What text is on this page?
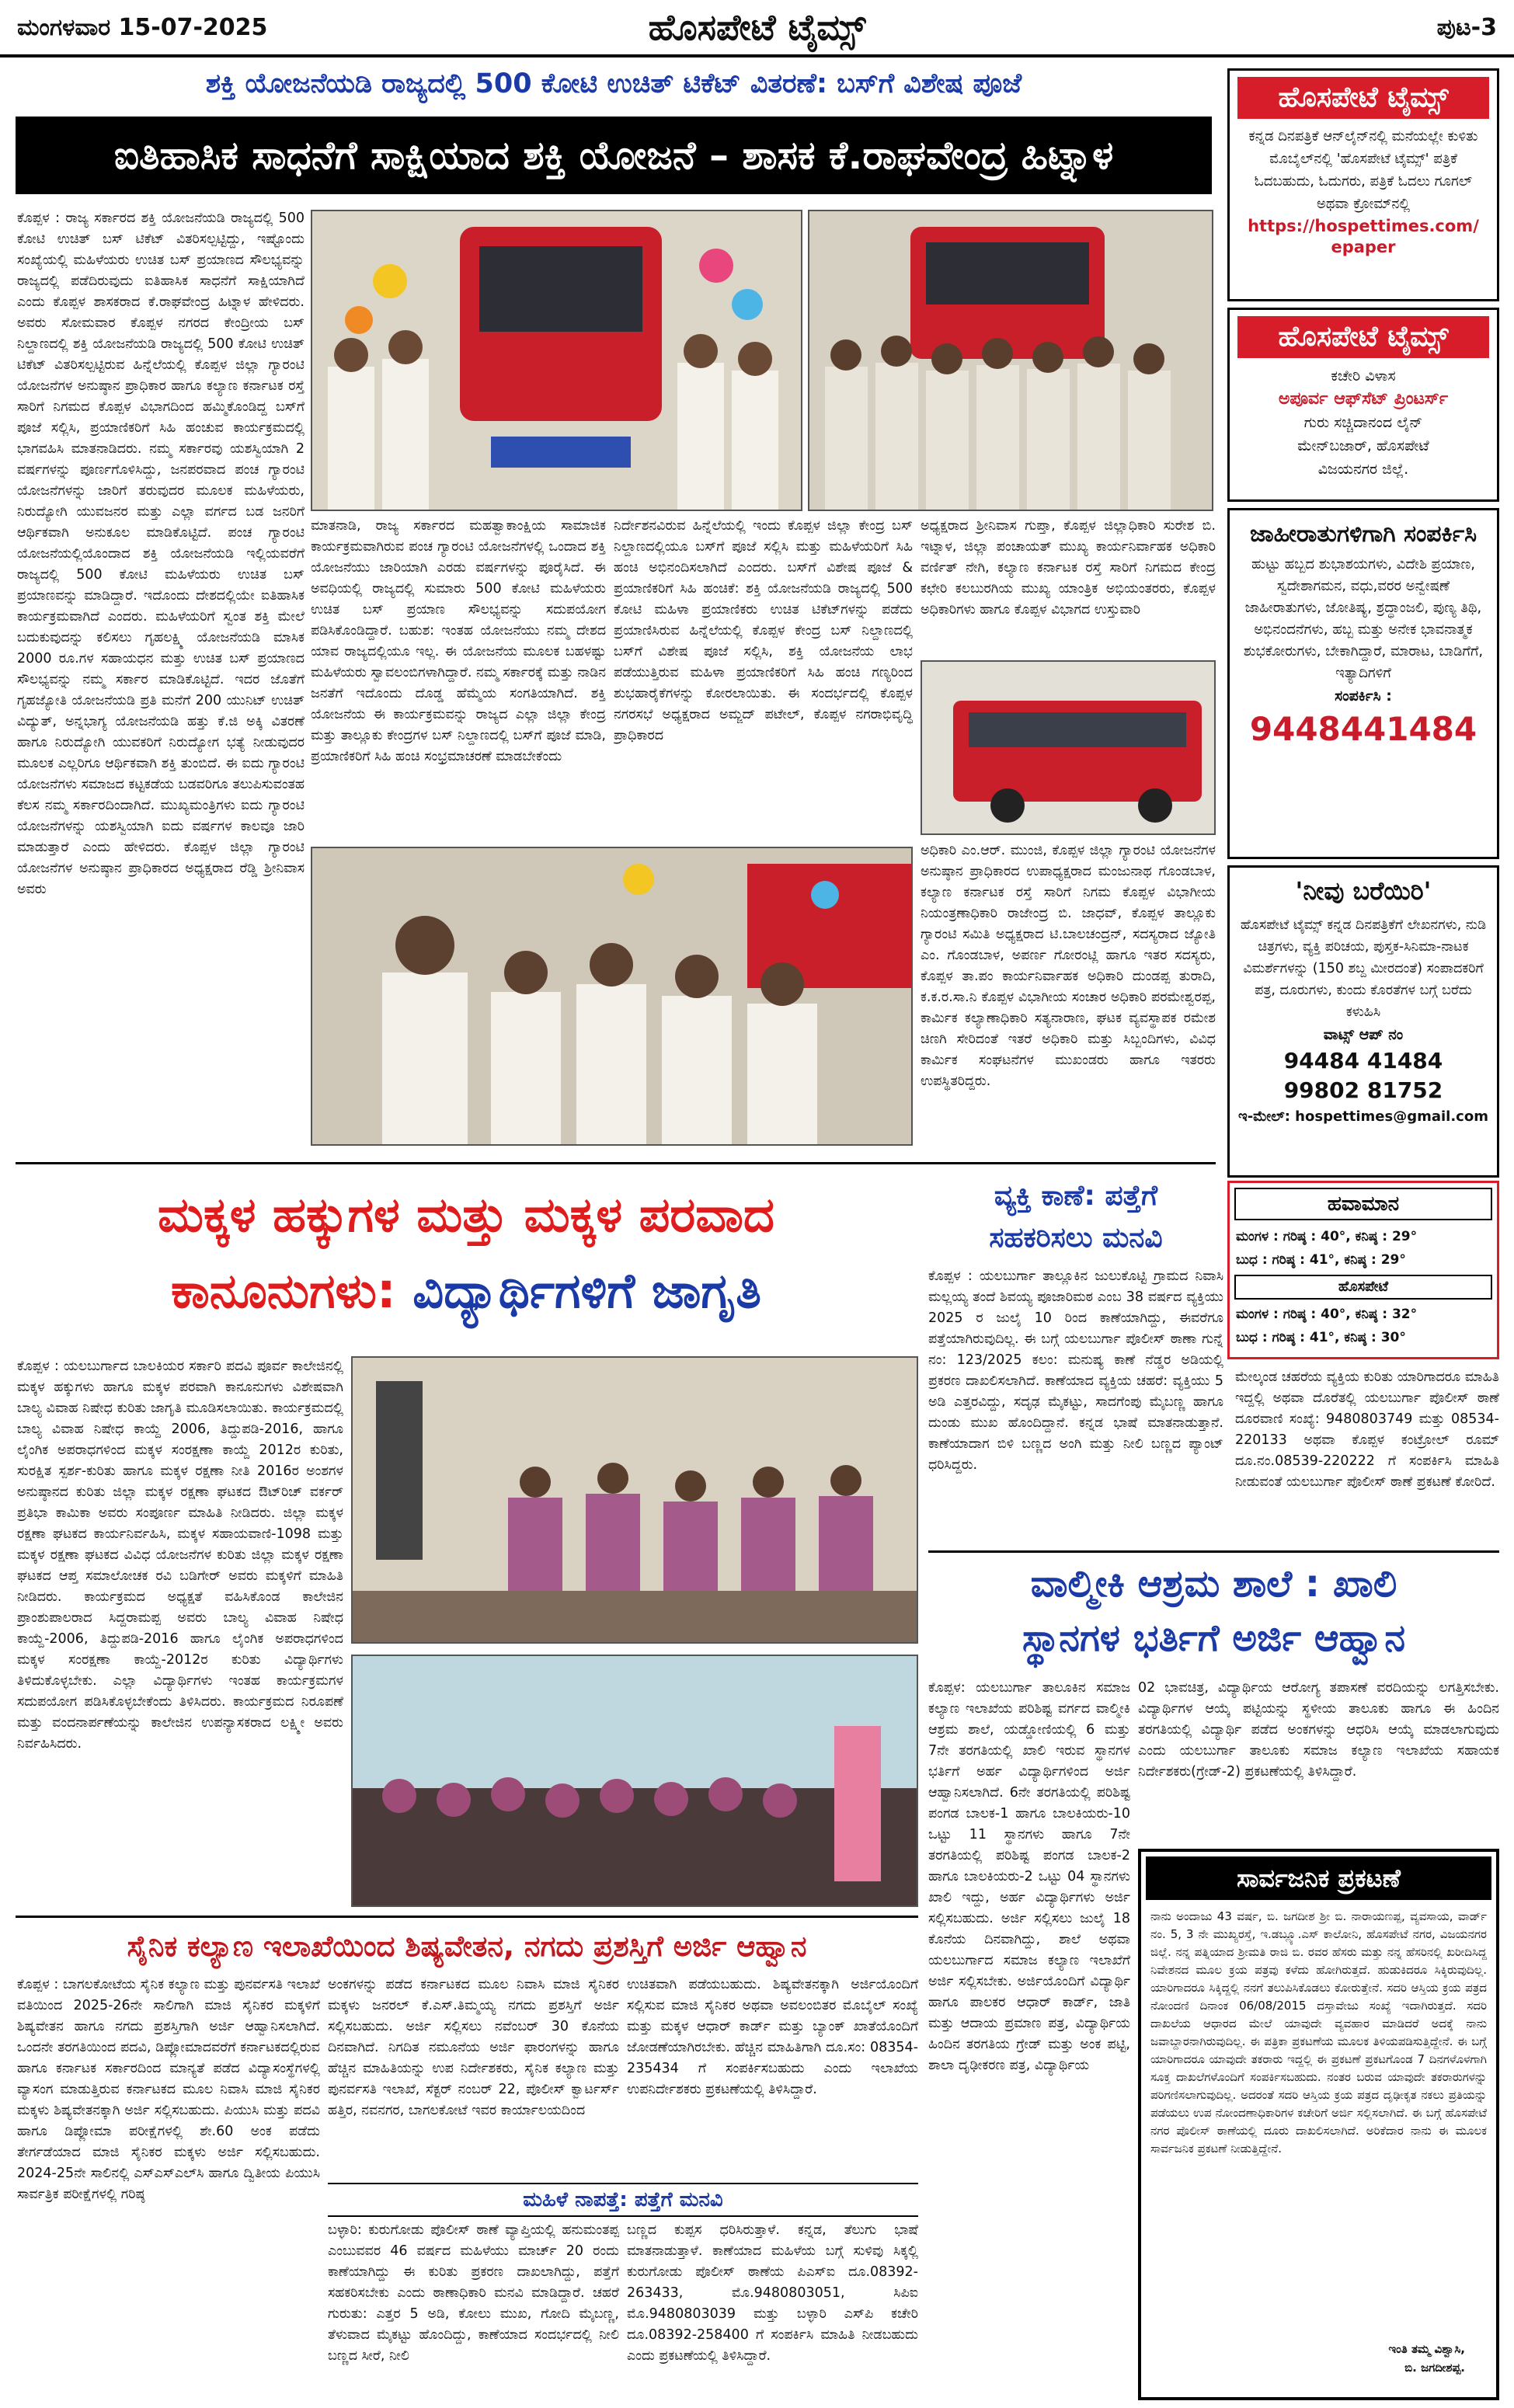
ಮಂಗಳವಾರ 15-07-2025	ಹೊಸಪೇಟೆ ಟೈಮ್ಸ್	ಪುಟ-3
ಶಕ್ತಿ ಯೋಜನೆಯಡಿ ರಾಜ್ಯದಲ್ಲಿ 500 ಕೋಟಿ ಉಚಿತ್ ಟಿಕೆಟ್ ವಿತರಣೆ: ಬಸ್‌ಗೆ ವಿಶೇಷ ಪೂಜೆ
ಐತಿಹಾಸಿಕ ಸಾಧನೆಗೆ ಸಾಕ್ಷಿಯಾದ ಶಕ್ತಿ ಯೋಜನೆ – ಶಾಸಕ ಕೆ.ರಾಘವೇಂದ್ರ ಹಿಟ್ನಾಳ
ಕೊಪ್ಪಳ : ರಾಜ್ಯ ಸರ್ಕಾರದ ಶಕ್ತಿ ಯೋಜನೆಯಡಿ ರಾಜ್ಯದಲ್ಲಿ 500 ಕೋಟಿ ಉಚಿತ್ ಬಸ್ ಟಿಕೆಟ್ ವಿತರಿಸಲ್ಪಟ್ಟಿದ್ದು, ಇಷ್ಟೊಂದು ಸಂಖ್ಯೆಯಲ್ಲಿ ಮಹಿಳೆಯರು ಉಚಿತ ಬಸ್ ಪ್ರಯಾಣದ ಸೌಲಭ್ಯವನ್ನು ರಾಜ್ಯದಲ್ಲಿ ಪಡೆದಿರುವುದು ಐತಿಹಾಸಿಕ ಸಾಧನೆಗೆ ಸಾಕ್ಷಿಯಾಗಿದೆ ಎಂದು ಕೊಪ್ಪಳ ಶಾಸಕರಾದ ಕೆ.ರಾಘವೇಂದ್ರ ಹಿಟ್ನಾಳ ಹೇಳಿದರು. ಅವರು ಸೋಮವಾರ ಕೊಪ್ಪಳ ನಗರದ ಕೇಂದ್ರೀಯ ಬಸ್ ನಿಲ್ದಾಣದಲ್ಲಿ ಶಕ್ತಿ ಯೋಜನೆಯಡಿ ರಾಜ್ಯದಲ್ಲಿ 500 ಕೋಟಿ ಉಚಿತ್ ಟಿಕೆಟ್ ವಿತರಿಸಲ್ಪಟ್ಟಿರುವ ಹಿನ್ನೆಲೆಯಲ್ಲಿ ಕೊಪ್ಪಳ ಜಿಲ್ಲಾ ಗ್ಯಾರಂಟಿ ಯೋಜನೆಗಳ ಅನುಷ್ಠಾನ ಪ್ರಾಧಿಕಾರ ಹಾಗೂ ಕಲ್ಯಾಣ ಕರ್ನಾಟಕ ರಸ್ತೆ ಸಾರಿಗೆ ನಿಗಮದ ಕೊಪ್ಪಳ ವಿಭಾಗದಿಂದ ಹಮ್ಮಿಕೊಂಡಿದ್ದ ಬಸ್‌ಗೆ ಪೂಜೆ ಸಲ್ಲಿಸಿ, ಪ್ರಯಾಣಿಕರಿಗೆ ಸಿಹಿ ಹಂಚುವ ಕಾರ್ಯಕ್ರಮದಲ್ಲಿ ಭಾಗವಹಿಸಿ ಮಾತನಾಡಿದರು. ನಮ್ಮ ಸರ್ಕಾರವು ಯಶಸ್ವಿಯಾಗಿ 2 ವರ್ಷಗಳನ್ನು ಪೂರ್ಣಗೊಳಿಸಿದ್ದು, ಜನಪರವಾದ ಪಂಚ ಗ್ಯಾರಂಟಿ ಯೋಜನೆಗಳನ್ನು ಜಾರಿಗೆ ತರುವುದರ ಮೂಲಕ ಮಹಿಳೆಯರು, ನಿರುದ್ಯೋಗಿ ಯುವಜನರ ಮತ್ತು ಎಲ್ಲಾ ವರ್ಗದ ಬಡ ಜನರಿಗೆ ಆರ್ಥಿಕವಾಗಿ ಅನುಕೂಲ ಮಾಡಿಕೊಟ್ಟಿದೆ. ಪಂಚ ಗ್ಯಾರಂಟಿ ಯೋಜನೆಯಲ್ಲಿಯೊಂದಾದ ಶಕ್ತಿ ಯೋಜನೆಯಡಿ ಇಲ್ಲಿಯವರೆಗೆ ರಾಜ್ಯದಲ್ಲಿ 500 ಕೋಟಿ ಮಹಿಳೆಯರು ಉಚಿತ ಬಸ್ ಪ್ರಯಾಣವನ್ನು ಮಾಡಿದ್ದಾರೆ. ಇದೊಂದು ದೇಶದಲ್ಲಿಯೇ ಐತಿಹಾಸಿಕ ಕಾರ್ಯಕ್ರಮವಾಗಿದೆ ಎಂದರು. ಮಹಿಳೆಯರಿಗೆ ಸ್ವಂತ ಶಕ್ತಿ ಮೇಲೆ ಬದುಕುವುದನ್ನು ಕಲಿಸಲು ಗೃಹಲಕ್ಷ್ಮಿ ಯೋಜನೆಯಡಿ ಮಾಸಿಕ 2000 ರೂ.ಗಳ ಸಹಾಯಧನ ಮತ್ತು ಉಚಿತ ಬಸ್ ಪ್ರಯಾಣದ ಸೌಲಭ್ಯವನ್ನು ನಮ್ಮ ಸರ್ಕಾರ ಮಾಡಿಕೊಟ್ಟಿದೆ. ಇದರ ಜೊತೆಗೆ ಗೃಹಜ್ಯೋತಿ ಯೋಜನೆಯಡಿ ಪ್ರತಿ ಮನೆಗೆ 200 ಯುನಿಟ್ ಉಚಿತ್ ವಿದ್ಯುತ್, ಅನ್ನಭಾಗ್ಯ ಯೋಜನೆಯಡಿ ಹತ್ತು ಕೆ.ಜಿ ಅಕ್ಕಿ ವಿತರಣೆ ಹಾಗೂ ನಿರುದ್ಯೋಗಿ ಯುವಕರಿಗೆ ನಿರುದ್ಯೋಗ ಭತ್ಯೆ ನೀಡುವುದರ ಮೂಲಕ ಎಲ್ಲರಿಗೂ ಆರ್ಥಿಕವಾಗಿ ಶಕ್ತಿ ತುಂಬಿದೆ. ಈ ಐದು ಗ್ಯಾರಂಟಿ ಯೋಜನೆಗಳು ಸಮಾಜದ ಕಟ್ಟಕಡೆಯ ಬಡವರಿಗೂ ತಲುಪಿಸುವಂತಹ ಕೆಲಸ ನಮ್ಮ ಸರ್ಕಾರದಿಂದಾಗಿದೆ. ಮುಖ್ಯಮಂತ್ರಿಗಳು ಐದು ಗ್ಯಾರಂಟಿ ಯೋಜನೆಗಳನ್ನು ಯಶಸ್ವಿಯಾಗಿ ಐದು ವರ್ಷಗಳ ಕಾಲವೂ ಜಾರಿ ಮಾಡುತ್ತಾರೆ ಎಂದು ಹೇಳಿದರು. ಕೊಪ್ಪಳ ಜಿಲ್ಲಾ ಗ್ಯಾರಂಟಿ ಯೋಜನೆಗಳ ಅನುಷ್ಠಾನ ಪ್ರಾಧಿಕಾರದ ಅಧ್ಯಕ್ಷರಾದ ರೆಡ್ಡಿ ಶ್ರೀನಿವಾಸ ಅವರು
ಮಾತನಾಡಿ, ರಾಜ್ಯ ಸರ್ಕಾರದ ಮಹತ್ವಾಕಾಂಕ್ಷಿಯ ಸಾಮಾಜಿಕ ಕಾರ್ಯಕ್ರಮವಾಗಿರುವ ಪಂಚ ಗ್ಯಾರಂಟಿ ಯೋಜನೆಗಳಲ್ಲಿ ಒಂದಾದ ಶಕ್ತಿ ಯೋಜನೆಯು ಜಾರಿಯಾಗಿ ಎರಡು ವರ್ಷಗಳನ್ನು ಪೂರೈಸಿದೆ. ಈ ಅವಧಿಯಲ್ಲಿ ರಾಜ್ಯದಲ್ಲಿ ಸುಮಾರು 500 ಕೋಟಿ ಮಹಿಳೆಯರು ಉಚಿತ ಬಸ್ ಪ್ರಯಾಣ ಸೌಲಭ್ಯವನ್ನು ಸದುಪಯೋಗ ಪಡಿಸಿಕೊಂಡಿದ್ದಾರೆ. ಬಹುಶ: ಇಂತಹ ಯೋಜನೆಯು ನಮ್ಮ ದೇಶದ ಯಾವ ರಾಜ್ಯದಲ್ಲಿಯೂ ಇಲ್ಲ. ಈ ಯೋಜನೆಯ ಮೂಲಕ ಬಹಳಷ್ಟು ಮಹಿಳೆಯರು ಸ್ವಾವಲಂಬಿಗಳಾಗಿದ್ದಾರೆ. ನಮ್ಮ ಸರ್ಕಾರಕ್ಕೆ ಮತ್ತು ನಾಡಿನ ಜನತೆಗೆ ಇದೊಂದು ದೊಡ್ಡ ಹೆಮ್ಮೆಯ ಸಂಗತಿಯಾಗಿದೆ. ಶಕ್ತಿ ಯೋಜನೆಯ ಈ ಕಾರ್ಯಕ್ರಮವನ್ನು ರಾಜ್ಯದ ಎಲ್ಲಾ ಜಿಲ್ಲಾ ಕೇಂದ್ರ ಮತ್ತು ತಾಲ್ಲೂಕು ಕೇಂದ್ರಗಳ ಬಸ್ ನಿಲ್ದಾಣದಲ್ಲಿ ಬಸ್‌ಗೆ ಪೂಜೆ ಮಾಡಿ, ಪ್ರಯಾಣಿಕರಿಗೆ ಸಿಹಿ ಹಂಚಿ ಸಂಭ್ರಮಾಚರಣೆ ಮಾಡಬೇಕೆಂದು
ನಿರ್ದೇಶನವಿರುವ ಹಿನ್ನೆಲೆಯಲ್ಲಿ ಇಂದು ಕೊಪ್ಪಳ ಜಿಲ್ಲಾ ಕೇಂದ್ರ ಬಸ್ ನಿಲ್ದಾಣದಲ್ಲಿಯೂ ಬಸ್‌ಗೆ ಪೂಜೆ ಸಲ್ಲಿಸಿ ಮತ್ತು ಮಹಿಳೆಯರಿಗೆ ಸಿಹಿ ಹಂಚಿ ಅಭಿನಂದಿಸಲಾಗಿದೆ ಎಂದರು. ಬಸ್‌ಗೆ ವಿಶೇಷ ಪೂಜೆ & ಪ್ರಯಾಣಿಕರಿಗೆ ಸಿಹಿ ಹಂಚಿಕೆ: ಶಕ್ತಿ ಯೋಜನೆಯಡಿ ರಾಜ್ಯದಲ್ಲಿ 500 ಕೋಟಿ ಮಹಿಳಾ ಪ್ರಯಾಣಿಕರು ಉಚಿತ ಟಿಕೆಟ್‌ಗಳನ್ನು ಪಡೆದು ಪ್ರಯಾಣಿಸಿರುವ ಹಿನ್ನೆಲೆಯಲ್ಲಿ ಕೊಪ್ಪಳ ಕೇಂದ್ರ ಬಸ್ ನಿಲ್ದಾಣದಲ್ಲಿ ಬಸ್‌ಗೆ ವಿಶೇಷ ಪೂಜೆ ಸಲ್ಲಿಸಿ, ಶಕ್ತಿ ಯೋಜನೆಯ ಲಾಭ ಪಡೆಯುತ್ತಿರುವ ಮಹಿಳಾ ಪ್ರಯಾಣಿಕರಿಗೆ ಸಿಹಿ ಹಂಚಿ ಗಣ್ಯರಿಂದ ಶುಭಹಾರೈಕೆಗಳನ್ನು ಕೋರಲಾಯಿತು. ಈ ಸಂದರ್ಭದಲ್ಲಿ ಕೊಪ್ಪಳ ನಗರಸಭೆ ಅಧ್ಯಕ್ಷರಾದ ಅಮ್ಜದ್ ಪಟೇಲ್, ಕೊಪ್ಪಳ ನಗರಾಭಿವೃದ್ಧಿ ಪ್ರಾಧಿಕಾರದ
ಅಧ್ಯಕ್ಷರಾದ ಶ್ರೀನಿವಾಸ ಗುಪ್ತಾ, ಕೊಪ್ಪಳ ಜಿಲ್ಲಾಧಿಕಾರಿ ಸುರೇಶ ಬಿ. ಇಟ್ನಾಳ, ಜಿಲ್ಲಾ ಪಂಚಾಯತ್ ಮುಖ್ಯ ಕಾರ್ಯನಿರ್ವಾಹಕ ಅಧಿಕಾರಿ ವರ್ಣಿತ್ ನೇಗಿ, ಕಲ್ಯಾಣ ಕರ್ನಾಟಕ ರಸ್ತೆ ಸಾರಿಗೆ ನಿಗಮದ ಕೇಂದ್ರ ಕಛೇರಿ ಕಲಬುರಗಿಯ ಮುಖ್ಯ ಯಾಂತ್ರಿಕ ಅಭಿಯಂತರರು, ಕೊಪ್ಪಳ ಅಧಿಕಾರಿಗಳು ಹಾಗೂ ಕೊಪ್ಪಳ ವಿಭಾಗದ ಉಸ್ತುವಾರಿ
ಅಧಿಕಾರಿ ಎಂ.ಆರ್. ಮುಂಜಿ, ಕೊಪ್ಪಳ ಜಿಲ್ಲಾ ಗ್ಯಾರಂಟಿ ಯೋಜನೆಗಳ ಅನುಷ್ಠಾನ ಪ್ರಾಧಿಕಾರದ ಉಪಾಧ್ಯಕ್ಷರಾದ ಮಂಜುನಾಥ ಗೊಂಡಬಾಳ, ಕಲ್ಯಾಣ ಕರ್ನಾಟಕ ರಸ್ತೆ ಸಾರಿಗೆ ನಿಗಮ ಕೊಪ್ಪಳ ವಿಭಾಗೀಯ ನಿಯಂತ್ರಣಾಧಿಕಾರಿ ರಾಜೇಂದ್ರ ಬಿ. ಜಾಧವ್, ಕೊಪ್ಪಳ ತಾಲ್ಲೂಕು ಗ್ಯಾರಂಟಿ ಸಮಿತಿ ಅಧ್ಯಕ್ಷರಾದ ಟಿ.ಬಾಲಚಂದ್ರನ್, ಸದಸ್ಯರಾದ ಜ್ಯೋತಿ ಎಂ. ಗೊಂಡಬಾಳ, ಅಪರ್ಣ ಗೋರಂಟ್ಲಿ ಹಾಗೂ ಇತರ ಸದಸ್ಯರು, ಕೊಪ್ಪಳ ತಾ.ಪಂ ಕಾರ್ಯನಿರ್ವಾಹಕ ಅಧಿಕಾರಿ ದುಂಡಪ್ಪ ತುರಾದಿ, ಕ.ಕ.ರ.ಸಾ.ನಿ ಕೊಪ್ಪಳ ವಿಭಾಗೀಯ ಸಂಚಾರ ಅಧಿಕಾರಿ ಪರಮೇಶ್ವರಪ್ಪ, ಕಾರ್ಮಿಕ ಕಲ್ಯಾಣಾಧಿಕಾರಿ ಸತ್ಯನಾರಾಣ, ಘಟಕ ವ್ಯವಸ್ಥಾಪಕ ರಮೇಶ ಚಿಣಗಿ ಸೇರಿದಂತೆ ಇತರೆ ಅಧಿಕಾರಿ ಮತ್ತು ಸಿಬ್ಬಂದಿಗಳು, ವಿವಿಧ ಕಾರ್ಮಿಕ ಸಂಘಟನೆಗಳ ಮುಖಂಡರು ಹಾಗೂ ಇತರರು ಉಪಸ್ಥಿತರಿದ್ದರು.
ಹೊಸಪೇಟೆ ಟೈಮ್ಸ್
ಕನ್ನಡ ದಿನಪತ್ರಿಕೆ ಆನ್‌ಲೈನ್‌ನಲ್ಲಿ ಮನೆಯಲ್ಲೇ ಕುಳಿತು ಮೊಬೈಲ್‌ನಲ್ಲಿ 'ಹೊಸಪೇಟೆ ಟೈಮ್ಸ್' ಪತ್ರಿಕೆ ಓದಬಹುದು, ಓದುಗರು, ಪತ್ರಿಕೆ ಓದಲು ಗೂಗಲ್ ಅಥವಾ ಕ್ರೋಮ್‌ನಲ್ಲಿ
https://hospettimes.com/
epaper
ಹೊಸಪೇಟೆ ಟೈಮ್ಸ್
ಕಚೇರಿ ವಿಳಾಸ
ಅಪೂರ್ವ ಆಫ್‌ಸೆಟ್ ಪ್ರಿಂಟರ್ಸ್
ಗುರು ಸಚ್ಚಿದಾನಂದ ಲೈನ್
ಮೇನ್‌ಬಜಾರ್, ಹೊಸಪೇಟೆ
ವಿಜಯನಗರ ಜಿಲ್ಲೆ.
ಜಾಹೀರಾತುಗಳಿಗಾಗಿ ಸಂಪರ್ಕಿಸಿ
ಹುಟ್ಟು ಹಬ್ಬದ ಶುಭಾಶಯಗಳು, ವಿದೇಶಿ ಪ್ರಯಾಣ, ಸ್ವದೇಶಾಗಮನ, ವಧು,ವರರ ಅನ್ವೇಷಣೆ ಜಾಹೀರಾತುಗಳು, ಜೋತಿಷ್ಯ, ಶ್ರದ್ಧಾಂಜಲಿ, ಪುಣ್ಯ ತಿಥಿ, ಅಭಿನಂದನೆಗಳು, ಹಬ್ಬ ಮತ್ತು ಅನೇಕ ಭಾವನಾತ್ಮಕ ಶುಭಕೋರುಗಳು, ಬೇಕಾಗಿದ್ದಾರೆ, ಮಾರಾಟ, ಬಾಡಿಗೆಗೆ, ಇತ್ಯಾದಿಗಳಿಗೆ
ಸಂಪರ್ಕಿಸಿ :
9448441484
'ನೀವು ಬರೆಯಿರಿ'
ಹೊಸಪೇಟೆ ಟೈಮ್ಸ್ ಕನ್ನಡ ದಿನಪತ್ರಿಕೆಗೆ ಲೇಖನಗಳು, ನುಡಿ ಚಿತ್ರಗಳು, ವ್ಯಕ್ತಿ ಪರಿಚಯ, ಪುಸ್ತಕ-ಸಿನಿಮಾ-ನಾಟಕ ವಿಮರ್ಶೆಗಳನ್ನು (150 ಶಬ್ದ ಮೀರದಂತೆ) ಸಂಪಾದಕರಿಗೆ ಪತ್ರ, ದೂರುಗಳು, ಕುಂದು ಕೊರತೆಗಳ ಬಗ್ಗೆ ಬರೆದು ಕಳುಹಿಸಿ
ವಾಟ್ಸ್ ಆಪ್ ನಂ
94484 41484
99802 81752
ಇ-ಮೇಲ್: hospettimes@gmail.com
ಹವಾಮಾನ
ಮಂಗಳ : ಗರಿಷ್ಠ : 40°, ಕನಿಷ್ಠ : 29°
ಬುಧ : ಗರಿಷ್ಠ : 41°, ಕನಿಷ್ಠ : 29°
ಹೊಸಪೇಟೆ
ಮಂಗಳ : ಗರಿಷ್ಠ : 40°, ಕನಿಷ್ಠ : 32°
ಬುಧ : ಗರಿಷ್ಠ : 41°, ಕನಿಷ್ಠ : 30°
ಮಕ್ಕಳ ಹಕ್ಕುಗಳ ಮತ್ತು ಮಕ್ಕಳ ಪರವಾದ
ಕಾನೂನುಗಳು: ವಿದ್ಯಾರ್ಥಿಗಳಿಗೆ ಜಾಗೃತಿ
ಕೊಪ್ಪಳ : ಯಲಬುರ್ಗಾದ ಬಾಲಕಿಯರ ಸರ್ಕಾರಿ ಪದವಿ ಪೂರ್ವ ಕಾಲೇಜಿನಲ್ಲಿ ಮಕ್ಕಳ ಹಕ್ಕುಗಳು ಹಾಗೂ ಮಕ್ಕಳ ಪರವಾಗಿ ಕಾನೂನುಗಳು ವಿಶೇಷವಾಗಿ ಬಾಲ್ಯ ವಿವಾಹ ನಿಷೇಧ ಕುರಿತು ಜಾಗೃತಿ ಮೂಡಿಸಲಾಯಿತು. ಕಾರ್ಯಕ್ರಮದಲ್ಲಿ ಬಾಲ್ಯ ವಿವಾಹ ನಿಷೇಧ ಕಾಯ್ದೆ 2006, ತಿದ್ದುಪಡಿ-2016, ಹಾಗೂ ಲೈಂಗಿಕ ಅಪರಾಧಗಳಿಂದ ಮಕ್ಕಳ ಸಂರಕ್ಷಣಾ ಕಾಯ್ದೆ 2012ರ ಕುರಿತು, ಸುರಕ್ಷಿತ ಸ್ಪರ್ಶ-ಕುರಿತು ಹಾಗೂ ಮಕ್ಕಳ ರಕ್ಷಣಾ ನೀತಿ 2016ರ ಅಂಶಗಳ ಅನುಷ್ಠಾನದ ಕುರಿತು ಜಿಲ್ಲಾ ಮಕ್ಕಳ ರಕ್ಷಣಾ ಘಟಕದ ಔಟ್‌ರಿಚ್ ವರ್ಕರ್ ಪ್ರತಿಭಾ ಕಾಮಿಕಾ ಅವರು ಸಂಪೂರ್ಣ ಮಾಹಿತಿ ನೀಡಿದರು. ಜಿಲ್ಲಾ ಮಕ್ಕಳ ರಕ್ಷಣಾ ಘಟಕದ ಕಾರ್ಯನಿರ್ವಹಿಸಿ, ಮಕ್ಕಳ ಸಹಾಯವಾಣಿ-1098 ಮತ್ತು ಮಕ್ಕಳ ರಕ್ಷಣಾ ಘಟಕದ ವಿವಿಧ ಯೋಜನೆಗಳ ಕುರಿತು ಜಿಲ್ಲಾ ಮಕ್ಕಳ ರಕ್ಷಣಾ ಘಟಕದ ಆಪ್ತ ಸಮಾಲೋಚಕ ರವಿ ಬಡಿಗೇರ್ ಅವರು ಮಕ್ಕಳಿಗೆ ಮಾಹಿತಿ ನೀಡಿದರು. ಕಾರ್ಯಕ್ರಮದ ಅಧ್ಯಕ್ಷತೆ ವಹಿಸಿಕೊಂಡ ಕಾಲೇಜಿನ ಪ್ರಾಂಶುಪಾಲರಾದ ಸಿದ್ದರಾಮಪ್ಪ ಅವರು ಬಾಲ್ಯ ವಿವಾಹ ನಿಷೇಧ ಕಾಯ್ದೆ-2006, ತಿದ್ದುಪಡಿ-2016 ಹಾಗೂ ಲೈಂಗಿಕ ಅಪರಾಧಗಳಿಂದ ಮಕ್ಕಳ ಸಂರಕ್ಷಣಾ ಕಾಯ್ದೆ-2012ರ ಕುರಿತು ವಿದ್ಯಾರ್ಥಿಗಳು ತಿಳಿದುಕೊಳ್ಳಬೇಕು. ಎಲ್ಲಾ ವಿದ್ಯಾರ್ಥಿಗಳು ಇಂತಹ ಕಾರ್ಯಕ್ರಮಗಳ ಸದುಪಯೋಗ ಪಡಿಸಿಕೊಳ್ಳಬೇಕೆಂದು ತಿಳಿಸಿದರು. ಕಾರ್ಯಕ್ರಮದ ನಿರೂಪಣೆ ಮತ್ತು ವಂದನಾರ್ಪಣೆಯನ್ನು ಕಾಲೇಜಿನ ಉಪನ್ಯಾಸಕರಾದ ಲಕ್ಷ್ಮೀ ಅವರು ನಿರ್ವಹಿಸಿದರು.
ವ್ಯಕ್ತಿ ಕಾಣೆ: ಪತ್ತೆಗೆ
ಸಹಕರಿಸಲು ಮನವಿ
ಕೊಪ್ಪಳ : ಯಲಬುರ್ಗಾ ತಾಲ್ಲೂಕಿನ ಜುಲುಕೊಟ್ಟಿ ಗ್ರಾಮದ ನಿವಾಸಿ ಮಲ್ಲಯ್ಯ ತಂದೆ ಶಿವಯ್ಯ ಪೂಜಾರಿಮಠ ಎಂಬ 38 ವರ್ಷದ ವ್ಯಕ್ತಿಯು 2025 ರ ಜುಲೈ 10 ರಿಂದ ಕಾಣೆಯಾಗಿದ್ದು, ಈವರೆಗೂ ಪತ್ತೆಯಾಗಿರುವುದಿಲ್ಲ. ಈ ಬಗ್ಗೆ ಯಲಬುರ್ಗಾ ಪೊಲೀಸ್ ಠಾಣಾ ಗುನ್ನೆ ನಂ: 123/2025 ಕಲಂ: ಮನುಷ್ಯ ಕಾಣೆ ನೆಡ್ಡರ ಅಡಿಯಲ್ಲಿ ಪ್ರಕರಣ ದಾಖಲಿಸಲಾಗಿದೆ. ಕಾಣೆಯಾದ ವ್ಯಕ್ತಿಯ ಚಹರೆ: ವ್ಯಕ್ತಿಯು 5 ಅಡಿ ಎತ್ತರವಿದ್ದು, ಸದೃಢ ಮೈಕಟ್ಟು, ಸಾದಗೆಂಪು ಮೈಬಣ್ಣ ಹಾಗೂ ದುಂಡು ಮುಖ ಹೊಂದಿದ್ದಾನೆ. ಕನ್ನಡ ಭಾಷೆ ಮಾತನಾಡುತ್ತಾನೆ. ಕಾಣೆಯಾದಾಗ ಬಿಳಿ ಬಣ್ಣದ ಅಂಗಿ ಮತ್ತು ನೀಲಿ ಬಣ್ಣದ ಪ್ಯಾಂಟ್ ಧರಿಸಿದ್ದರು.
ಮೇಲ್ಕಂಡ ಚಹರೆಯ ವ್ಯಕ್ತಿಯ ಕುರಿತು ಯಾರಿಗಾದರೂ ಮಾಹಿತಿ ಇದ್ದಲ್ಲಿ ಅಥವಾ ದೊರೆತಲ್ಲಿ ಯಲಬುರ್ಗಾ ಪೊಲೀಸ್ ಠಾಣೆ ದೂರವಾಣಿ ಸಂಖ್ಯೆ: 9480803749 ಮತ್ತು 08534-220133 ಅಥವಾ ಕೊಪ್ಪಳ ಕಂಟ್ರೋಲ್ ರೂಮ್ ದೂ.ನಂ.08539-220222 ಗೆ ಸಂಪರ್ಕಿಸಿ ಮಾಹಿತಿ ನೀಡುವಂತೆ ಯಲಬುರ್ಗಾ ಪೊಲೀಸ್ ಠಾಣೆ ಪ್ರಕಟಣೆ ಕೋರಿದೆ.
ವಾಲ್ಮೀಕಿ ಆಶ್ರಮ ಶಾಲೆ : ಖಾಲಿ
ಸ್ಥಾನಗಳ ಭರ್ತಿಗೆ ಅರ್ಜಿ ಆಹ್ವಾನ
ಕೊಪ್ಪಳ: ಯಲಬುರ್ಗಾ ತಾಲೂಕಿನ ಸಮಾಜ ಕಲ್ಯಾಣ ಇಲಾಖೆಯ ಪರಿಶಿಷ್ಟ ವರ್ಗದ ವಾಲ್ಮೀಕಿ ಆಶ್ರಮ ಶಾಲೆ, ಯಡ್ಡೋಣಿಯಲ್ಲಿ 6 ಮತ್ತು 7ನೇ ತರಗತಿಯಲ್ಲಿ ಖಾಲಿ ಇರುವ ಸ್ಥಾನಗಳ ಭರ್ತಿಗೆ ಅರ್ಹ ವಿದ್ಯಾರ್ಥಿಗಳಿಂದ ಅರ್ಜಿ ಆಹ್ವಾನಿಸಲಾಗಿದೆ. 6ನೇ ತರಗತಿಯಲ್ಲಿ ಪರಿಶಿಷ್ಟ ಪಂಗಡ ಬಾಲಕ-1 ಹಾಗೂ ಬಾಲಕಿಯರು-10 ಒಟ್ಟು 11 ಸ್ಥಾನಗಳು ಹಾಗೂ 7ನೇ ತರಗತಿಯಲ್ಲಿ ಪರಿಶಿಷ್ಟ ಪಂಗಡ ಬಾಲಕ-2 ಹಾಗೂ ಬಾಲಕಿಯರು-2 ಒಟ್ಟು 04 ಸ್ಥಾನಗಳು ಖಾಲಿ ಇದ್ದು, ಅರ್ಹ ವಿದ್ಯಾರ್ಥಿಗಳು ಅರ್ಜಿ ಸಲ್ಲಿಸಬಹುದು. ಅರ್ಜಿ ಸಲ್ಲಿಸಲು ಜುಲೈ 18 ಕೊನೆಯ ದಿನವಾಗಿದ್ದು, ಶಾಲೆ ಅಥವಾ ಯಲಬುರ್ಗಾದ ಸಮಾಜ ಕಲ್ಯಾಣ ಇಲಾಖೆಗೆ ಅರ್ಜಿ ಸಲ್ಲಿಸಬೇಕು. ಅರ್ಜಿಯೊಂದಿಗೆ ವಿದ್ಯಾರ್ಥಿ ಹಾಗೂ ಪಾಲಕರ ಆಧಾರ್ ಕಾರ್ಡ್, ಜಾತಿ ಮತ್ತು ಆದಾಯ ಪ್ರಮಾಣ ಪತ್ರ, ವಿದ್ಯಾರ್ಥಿಯ ಹಿಂದಿನ ತರಗತಿಯ ಗ್ರೇಡ್ ಮತ್ತು ಅಂಕ ಪಟ್ಟಿ, ಶಾಲಾ ದೃಢೀಕರಣ ಪತ್ರ, ವಿದ್ಯಾರ್ಥಿಯ
02 ಭಾವಚಿತ್ರ, ವಿದ್ಯಾರ್ಥಿಯ ಆರೋಗ್ಯ ತಪಾಸಣೆ ವರದಿಯನ್ನು ಲಗತ್ತಿಸಬೇಕು. ವಿದ್ಯಾರ್ಥಿಗಳ ಆಯ್ಕೆ ಪಟ್ಟಿಯನ್ನು ಸ್ಥಳೀಯ ತಾಲೂಕು ಹಾಗೂ ಈ ಹಿಂದಿನ ತರಗತಿಯಲ್ಲಿ ವಿದ್ಯಾರ್ಥಿ ಪಡೆದ ಅಂಕಗಳನ್ನು ಆಧರಿಸಿ ಆಯ್ಕೆ ಮಾಡಲಾಗುವುದು ಎಂದು ಯಲಬುರ್ಗಾ ತಾಲೂಕು ಸಮಾಜ ಕಲ್ಯಾಣ ಇಲಾಖೆಯ ಸಹಾಯಕ ನಿರ್ದೇಶಕರು(ಗ್ರೇಡ್-2) ಪ್ರಕಟಣೆಯಲ್ಲಿ ತಿಳಿಸಿದ್ದಾರೆ.
ಸಾರ್ವಜನಿಕ ಪ್ರಕಟಣೆ
ನಾನು ಅಂದಾಜು 43 ವರ್ಷ, ಬಿ. ಜಗದೀಶ ಶ್ರೀ ಬಿ. ನಾರಾಯಣಪ್ಪ, ವ್ಯವಸಾಯ, ವಾರ್ಡ್ ನಂ. 5, 3 ನೇ ಮುಖ್ಯರಸ್ತೆ, ಇ.ಡಬ್ಲ್ಯೂ.ಎಸ್ ಕಾಲೋನಿ, ಹೊಸಪೇಟೆ ನಗರ, ವಿಜಯನಗರ ಜಿಲ್ಲೆ. ನನ್ನ ಪತ್ನಿಯಾದ ಶ್ರೀಮತಿ ರಾಜಿ ಬಿ. ರವರ ಹೆಸರು ಮತ್ತು ನನ್ನ ಹೆಸರಿನಲ್ಲಿ ಖರೀದಿಸಿದ್ದ ನಿವೇಶನದ ಮೂಲ ಕ್ರಯ ಪತ್ರವು ಕಳೆದು ಹೋಗಿರುತ್ತದೆ. ಹುಡುಕಿದರೂ ಸಿಕ್ಕಿರುವುದಿಲ್ಲ. ಯಾರಿಗಾದರೂ ಸಿಕ್ಕಿದ್ದಲ್ಲಿ ನನಗೆ ತಲುಪಿಸಿಕೊಡಲು ಕೋರುತ್ತೇನೆ. ಸದರಿ ಆಸ್ತಿಯ ಕ್ರಯ ಪತ್ರದ ನೋಂದಣಿ ದಿನಾಂಕ 06/08/2015 ದಸ್ತಾವೇಜು ಸಂಖ್ಯೆ ಇದಾಗಿರುತ್ತದೆ. ಸದರಿ ದಾಖಲೆಯ ಆಧಾರದ ಮೇಲೆ ಯಾವುದೇ ವ್ಯವಹಾರ ಮಾಡಿದರೆ ಅದಕ್ಕೆ ನಾನು ಜವಾಬ್ದಾರನಾಗಿರುವುದಿಲ್ಲ. ಈ ಪತ್ರಿಕಾ ಪ್ರಕಟಣೆಯ ಮೂಲಕ ತಿಳಿಯಪಡಿಸುತ್ತಿದ್ದೇನೆ. ಈ ಬಗ್ಗೆ ಯಾರಿಗಾದರೂ ಯಾವುದೇ ತಕರಾರು ಇದ್ದಲ್ಲಿ ಈ ಪ್ರಕಟಣೆ ಪ್ರಕಟಗೊಂಡ 7 ದಿನಗಳೊಳಗಾಗಿ ಸೂಕ್ತ ದಾಖಲೆಗಳೊಂದಿಗೆ ಸಂಪರ್ಕಿಸಬಹುದು. ನಂತರ ಬರುವ ಯಾವುದೇ ತಕರಾರುಗಳನ್ನು ಪರಿಗಣಿಸಲಾಗುವುದಿಲ್ಲ. ಅದರಂತೆ ಸದರಿ ಆಸ್ತಿಯ ಕ್ರಯ ಪತ್ರದ ದೃಢೀಕೃತ ನಕಲು ಪ್ರತಿಯನ್ನು ಪಡೆಯಲು ಉಪ ನೋಂದಣಾಧಿಕಾರಿಗಳ ಕಚೇರಿಗೆ ಅರ್ಜಿ ಸಲ್ಲಿಸಲಾಗಿದೆ. ಈ ಬಗ್ಗೆ ಹೊಸಪೇಟೆ ನಗರ ಪೊಲೀಸ್ ಠಾಣೆಯಲ್ಲಿ ದೂರು ದಾಖಲಿಸಲಾಗಿದೆ. ಅರಿಕೆದಾರ ನಾನು ಈ ಮೂಲಕ ಸಾರ್ವಜನಿಕ ಪ್ರಕಟಣೆ ನೀಡುತ್ತಿದ್ದೇನೆ.
ಇಂತಿ ತಮ್ಮ ವಿಶ್ವಾಸಿ,
ಬಿ. ಜಗದೀಶಪ್ಪ.
ಸೈನಿಕ ಕಲ್ಯಾಣ ಇಲಾಖೆಯಿಂದ ಶಿಷ್ಯವೇತನ, ನಗದು ಪ್ರಶಸ್ತಿಗೆ ಅರ್ಜಿ ಆಹ್ವಾನ
ಕೊಪ್ಪಳ : ಬಾಗಲಕೋಟೆಯ ಸೈನಿಕ ಕಲ್ಯಾಣ ಮತ್ತು ಪುನರ್ವಸತಿ ಇಲಾಖೆ ವತಿಯಿಂದ 2025-26ನೇ ಸಾಲಿಗಾಗಿ ಮಾಜಿ ಸೈನಿಕರ ಮಕ್ಕಳಿಗೆ ಶಿಷ್ಯವೇತನ ಹಾಗೂ ನಗದು ಪ್ರಶಸ್ತಿಗಾಗಿ ಅರ್ಜಿ ಆಹ್ವಾನಿಸಲಾಗಿದೆ. ಒಂದನೇ ತರಗತಿಯಿಂದ ಪದವಿ, ಡಿಪ್ಲೋಮಾದವರೆಗೆ ಕರ್ನಾಟಕದಲ್ಲಿರುವ ಹಾಗೂ ಕರ್ನಾಟಕ ಸರ್ಕಾರದಿಂದ ಮಾನ್ಯತೆ ಪಡೆದ ವಿದ್ಯಾಸಂಸ್ಥೆಗಳಲ್ಲಿ ವ್ಯಾಸಂಗ ಮಾಡುತ್ತಿರುವ ಕರ್ನಾಟಕದ ಮೂಲ ನಿವಾಸಿ ಮಾಜಿ ಸೈನಿಕರ ಮಕ್ಕಳು ಶಿಷ್ಯವೇತನಕ್ಕಾಗಿ ಅರ್ಜಿ ಸಲ್ಲಿಸಬಹುದು. ಪಿಯುಸಿ ಮತ್ತು ಪದವಿ ಹಾಗೂ ಡಿಪ್ಲೋಮಾ ಪರೀಕ್ಷೆಗಳಲ್ಲಿ ಶೇ.60 ಅಂಕ ಪಡೆದು ತೇರ್ಗಡೆಯಾದ ಮಾಜಿ ಸೈನಿಕರ ಮಕ್ಕಳು ಅರ್ಜಿ ಸಲ್ಲಿಸಬಹುದು. 2024-25ನೇ ಸಾಲಿನಲ್ಲಿ ಎಸ್‌ಎಸ್‌ಎಲ್‌ಸಿ ಹಾಗೂ ದ್ವಿತೀಯ ಪಿಯುಸಿ ಸಾರ್ವತ್ರಿಕ ಪರೀಕ್ಷೆಗಳಲ್ಲಿ ಗರಿಷ್ಠ
ಅಂಕಗಳನ್ನು ಪಡೆದ ಕರ್ನಾಟಕದ ಮೂಲ ನಿವಾಸಿ ಮಾಜಿ ಸೈನಿಕರ ಮಕ್ಕಳು ಜನರಲ್ ಕೆ.ಎಸ್.ತಿಮ್ಮಯ್ಯ ನಗದು ಪ್ರಶಸ್ತಿಗೆ ಅರ್ಜಿ ಸಲ್ಲಿಸಬಹುದು. ಅರ್ಜಿ ಸಲ್ಲಿಸಲು ನವೆಂಬರ್ 30 ಕೊನೆಯ ದಿನವಾಗಿದೆ. ನಿಗದಿತ ನಮೂನೆಯ ಅರ್ಜಿ ಫಾರಂಗಳನ್ನು ಹಾಗೂ ಹೆಚ್ಚಿನ ಮಾಹಿತಿಯನ್ನು ಉಪ ನಿರ್ದೇಶಕರು, ಸೈನಿಕ ಕಲ್ಯಾಣ ಮತ್ತು ಪುನರ್ವಸತಿ ಇಲಾಖೆ, ಸೆಕ್ಟರ್ ನಂಬರ್ 22, ಪೊಲೀಸ್ ಕ್ವಾರ್ಟರ್ಸ್ ಹತ್ತಿರ, ನವನಗರ, ಬಾಗಲಕೋಟೆ ಇವರ ಕಾರ್ಯಾಲಯದಿಂದ
ಉಚಿತವಾಗಿ ಪಡೆಯಬಹುದು. ಶಿಷ್ಯವೇತನಕ್ಕಾಗಿ ಅರ್ಜಿಯೊಂದಿಗೆ ಸಲ್ಲಿಸುವ ಮಾಜಿ ಸೈನಿಕರ ಅಥವಾ ಅವಲಂಬಿತರ ಮೊಬೈಲ್ ಸಂಖ್ಯೆ ಮತ್ತು ಮಕ್ಕಳ ಆಧಾರ್ ಕಾರ್ಡ್ ಮತ್ತು ಬ್ಯಾಂಕ್ ಖಾತೆಯೊಂದಿಗೆ ಜೋಡಣೆಯಾಗಿರಬೇಕು. ಹೆಚ್ಚಿನ ಮಾಹಿತಿಗಾಗಿ ದೂ.ಸಂ: 08354-235434 ಗೆ ಸಂಪರ್ಕಿಸಬಹುದು ಎಂದು ಇಲಾಖೆಯ ಉಪನಿರ್ದೇಶಕರು ಪ್ರಕಟಣೆಯಲ್ಲಿ ತಿಳಿಸಿದ್ದಾರೆ.
ಮಹಿಳೆ ನಾಪತ್ತೆ: ಪತ್ತೆಗೆ ಮನವಿ
ಬಳ್ಳಾರಿ: ಕುರುಗೋಡು ಪೊಲೀಸ್ ಠಾಣೆ ವ್ಯಾಪ್ತಿಯಲ್ಲಿ ಹನುಮಂತಪ್ಪ ಎಂಬುವವರ 46 ವರ್ಷದ ಮಹಿಳೆಯು ಮಾರ್ಚ್ 20 ರಂದು ಕಾಣೆಯಾಗಿದ್ದು ಈ ಕುರಿತು ಪ್ರಕರಣ ದಾಖಲಾಗಿದ್ದು, ಪತ್ತೆಗೆ ಸಹಕರಿಸಬೇಕು ಎಂದು ಠಾಣಾಧಿಕಾರಿ ಮನವಿ ಮಾಡಿದ್ದಾರೆ. ಚಹರೆ ಗುರುತು: ಎತ್ತರ 5 ಅಡಿ, ಕೋಲು ಮುಖ, ಗೋದಿ ಮೈಬಣ್ಣ, ತೆಳುವಾದ ಮೈಕಟ್ಟು ಹೊಂದಿದ್ದು, ಕಾಣೆಯಾದ ಸಂದರ್ಭದಲ್ಲಿ ನೀಲಿ ಬಣ್ಣದ ಸೀರೆ, ನೀಲಿ
ಬಣ್ಣದ ಕುಪ್ಪಸ ಧರಿಸಿರುತ್ತಾಳೆ. ಕನ್ನಡ, ತೆಲುಗು ಭಾಷೆ ಮಾತನಾಡುತ್ತಾಳೆ. ಕಾಣೆಯಾದ ಮಹಿಳೆಯ ಬಗ್ಗೆ ಸುಳಿವು ಸಿಕ್ಕಲ್ಲಿ ಕುರುಗೋಡು ಪೊಲೀಸ್ ಠಾಣೆಯ ಪಿಎಸ್‌ಐ ದೂ.08392-263433, ಮೊ.9480803051, ಸಿಪಿಐ ಮೊ.9480803039 ಮತ್ತು ಬಳ್ಳಾರಿ ಎಸ್‌ಪಿ ಕಚೇರಿ ದೂ.08392-258400 ಗೆ ಸಂಪರ್ಕಿಸಿ ಮಾಹಿತಿ ನೀಡಬಹುದು ಎಂದು ಪ್ರಕಟಣೆಯಲ್ಲಿ ತಿಳಿಸಿದ್ದಾರೆ.
